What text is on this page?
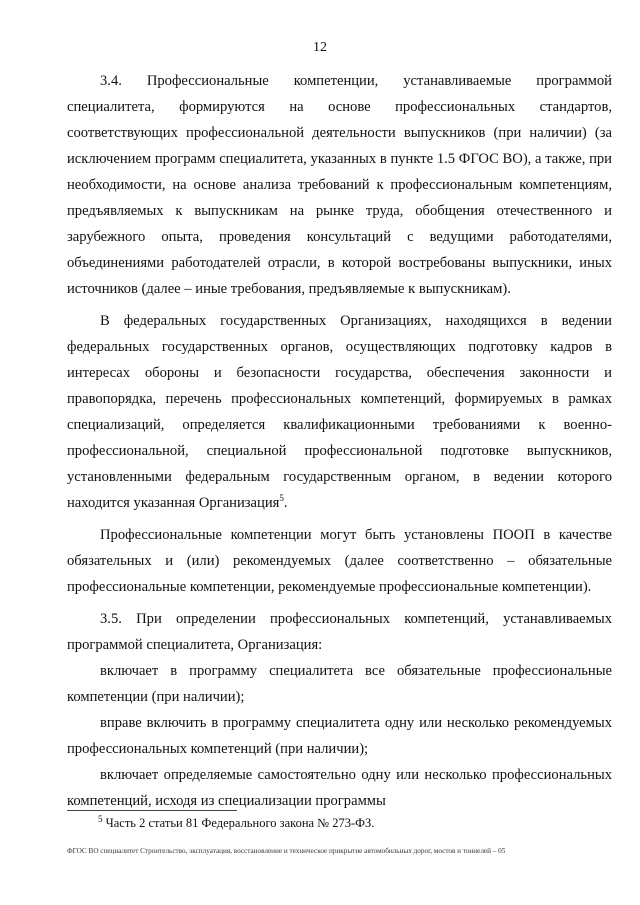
12

3.4. Профессиональные компетенции, устанавливаемые программой специалитета, формируются на основе профессиональных стандартов, соответствующих профессиональной деятельности выпускников (при наличии) (за исключением программ специалитета, указанных в пункте 1.5 ФГОС ВО), а также, при необходимости, на основе анализа требований к профессиональным компетенциям, предъявляемых к выпускникам на рынке труда, обобщения отечественного и зарубежного опыта, проведения консультаций с ведущими работодателями, объединениями работодателей отрасли, в которой востребованы выпускники, иных источников (далее – иные требования, предъявляемые к выпускникам).

В федеральных государственных Организациях, находящихся в ведении федеральных государственных органов, осуществляющих подготовку кадров в интересах обороны и безопасности государства, обеспечения законности и правопорядка, перечень профессиональных компетенций, формируемых в рамках специализаций, определяется квалификационными требованиями к военно-профессиональной, специальной профессиональной подготовке выпускников, установленными федеральным государственным органом, в ведении которого находится указанная Организация$^5$.

Профессиональные компетенции могут быть установлены ПООП в качестве обязательных и (или) рекомендуемых (далее соответственно – обязательные профессиональные компетенции, рекомендуемые профессиональные компетенции).

3.5. При определении профессиональных компетенций, устанавливаемых программой специалитета, Организация:

включает в программу специалитета все обязательные профессиональные компетенции (при наличии);

вправе включить в программу специалитета одну или несколько рекомендуемых профессиональных компетенций (при наличии);

включает определяемые самостоятельно одну или несколько профессиональных компетенций, исходя из специализации программы

$^5$ Часть 2 статьи 81 Федерального закона № 273-ФЗ.
ФГОС ВО специалитет Строительство, эксплуатация, восстановление и техническое прикрытие автомобильных дорог, мостов и тоннелей – 05
